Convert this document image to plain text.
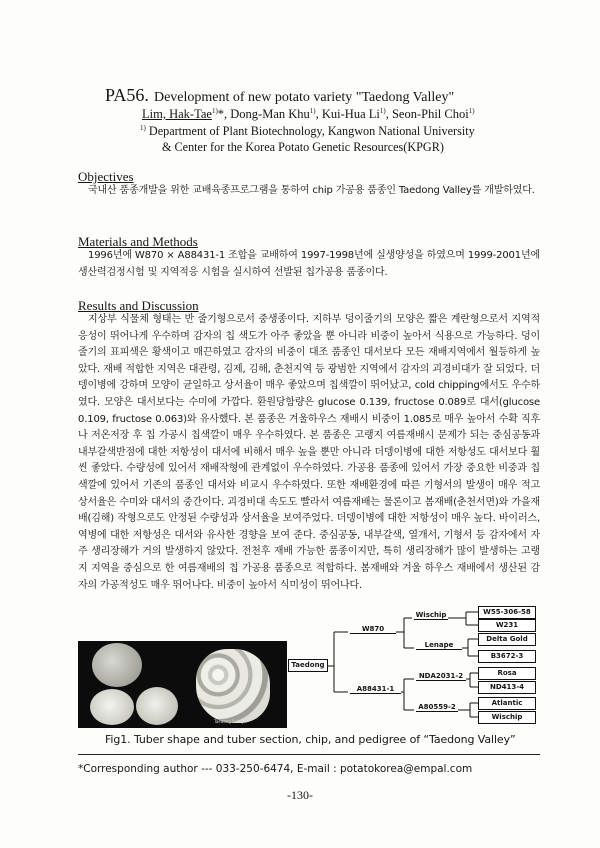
PA56. Development of new potato variety "Taedong Valley"
Lim, Hak-Tae$^{1)}$*, Dong-Man Khu$^{1)}$, Kui-Hua Li$^{1)}$, Seon-Phil Choi$^{1)}$
$^{1)}$ Department of Plant Biotechnology, Kangwon National University
& Center for the Korea Potato Genetic Resources(KPGR)
Objectives
국내산 품종개발을 위한 교배육종프로그램을 통하여 chip 가공용 품종인 Taedong Valley를 개발하였다.
Materials and Methods
1996년에 W870 × A88431-1 조합을 교배하여 1997-1998년에 실생양성을 하였으며 1999-2001년에 생산력검정시험 및 지역적응 시험을 실시하여 선발된 칩가공용 품종이다.
Results and Discussion
지상부 식물체 형태는 반 줄기형으로서 중생종이다. 지하부 덩이줄기의 모양은 짧은 계란형으로서 지역적응성이 뛰어나게 우수하며 감자의 칩 색도가 아주 좋았을 뿐 아니라 비중이 높아서 식용으로 가능하다. 덩이줄기의 표피색은 황색이고 매끈하였고 감자의 비중이 대조 품종인 대서보다 모든 재배지역에서 월등하게 높았다. 재배 적합한 지역은 대관령, 김제, 김해, 춘천지역 등 광범한 지역에서 감자의 괴경비대가 잘 되었다. 더뎅이병에 강하며 모양이 균일하고 상서율이 매우 좋았으며 칩색깔이 뛰어났고, cold chipping에서도 우수하였다. 모양은 대서보다는 수미에 가깝다. 환원당함량은 glucose 0.139, fructose 0.089로 대서(glucose 0.109, fructose 0.063)와 유사했다. 본 품종은 겨울하우스 재배시 비중이 1.085로 매우 높아서 수확 직후나 저온저장 후 칩 가공시 칩색깔이 매우 우수하였다. 본 품종은 고랭지 여름재배시 문제가 되는 중심공동과 내부갈색반점에 대한 저항성이 대서에 비해서 매우 높을 뿐만 아니라 더뎅이병에 대한 저항성도 대서보다 훨씬 좋았다. 수량성에 있어서 재배작형에 관계없이 우수하였다. 가공용 품종에 있어서 가장 중요한 비중과 칩색깔에 있어서 기존의 품종인 대서와 비교시 우수하였다. 또한 재배환경에 따른 기형서의 발생이 매우 적고 상서율은 수미와 대서의 중간이다. 괴경비대 속도도 빨라서 여름재배는 물론이고 봄재배(춘천서면)와 가을재배(김해) 작형으로도 안정된 수량성과 상서율을 보여주었다. 더뎅이병에 대한 저항성이 매우 높다. 바이러스, 역병에 대한 저항성은 대서와 유사한 경향을 보여 준다. 중심공동, 내부갈색, 열개서, 기형서 등 감자에서 자주 생리장해가 거의 발생하지 않았다. 전천후 재배 가능한 품종이지만, 특히 생리장해가 많이 발생하는 고랭지 지역을 중심으로 한 여름재배의 칩 가공용 품종으로 적합하다. 봄재배와 겨울 하우스 재배에서 생산된 감자의 가공적성도 매우 뛰어나다. 비중이 높아서 식미성이 뛰어나다.
Taedong Valley
Taedong
W870
A88431-1
Wischip
Lenape
NDA2031-2
A80559-2
W55-306-58
W231
Delta Gold
B3672-3
Rosa
ND413-4
Atlantic
Wischip
Fig1. Tuber shape and tuber section, chip, and pedigree of “Taedong Valley”
*Corresponding author --- 033-250-6474, E-mail : potatokorea@empal.com
-130-
